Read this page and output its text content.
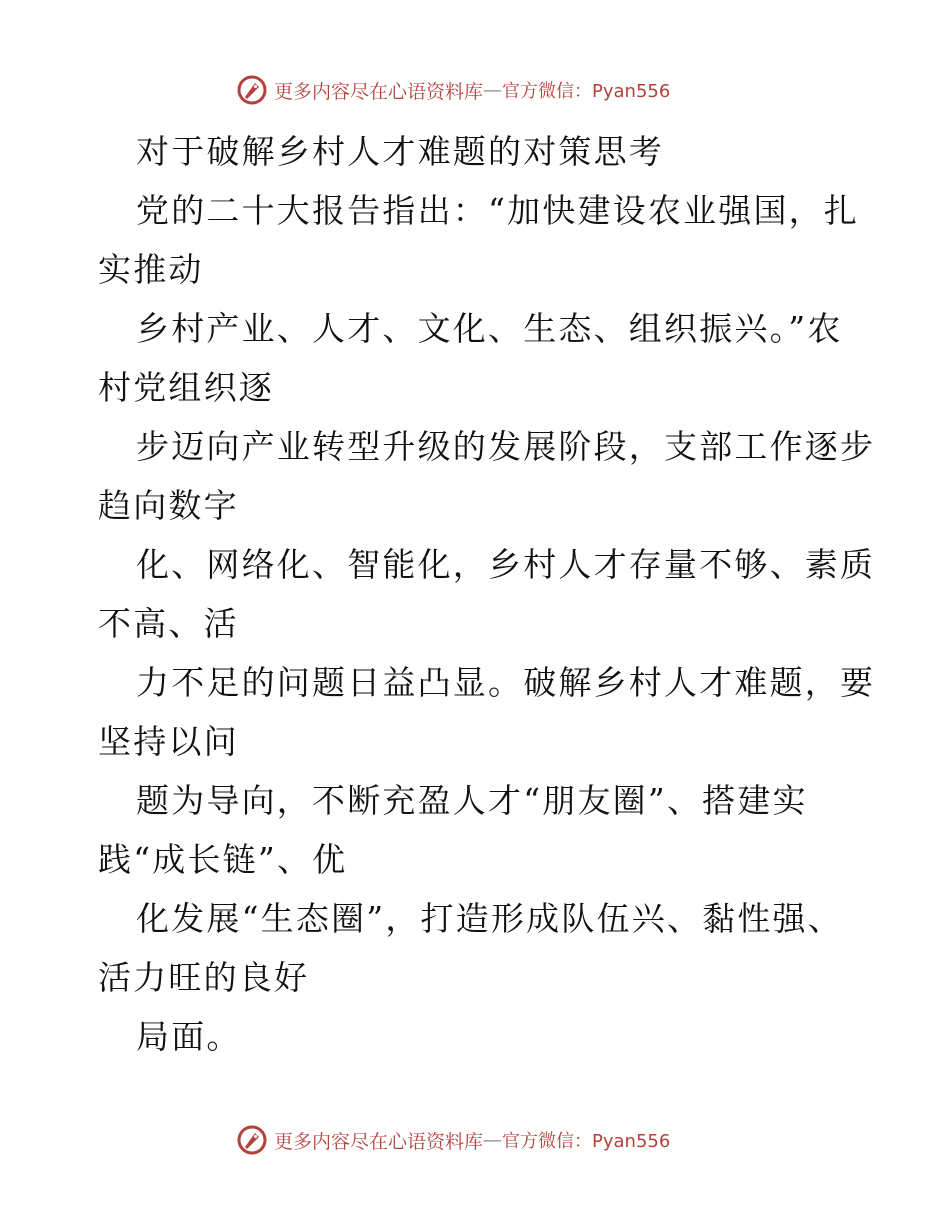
更多内容尽在心语资料库 — 官方微信：Pyan556
对于破解乡村人才难题的对策思考
党的二十大报告指出：“加快建设农业强国，扎
实推动
乡村产业、人才、文化、生态、组织振兴。”农
村党组织逐
步迈向产业转型升级的发展阶段，支部工作逐步
趋向数字
化、网络化、智能化，乡村人才存量不够、素质
不高、活
力不足的问题日益凸显。破解乡村人才难题，要
坚持以问
题为导向，不断充盈人才“朋友圈”、搭建实
践“成长链”、优
化发展“生态圈”，打造形成队伍兴、黏性强、
活力旺的良好
局面。
更多内容尽在心语资料库 — 官方微信：Pyan556
